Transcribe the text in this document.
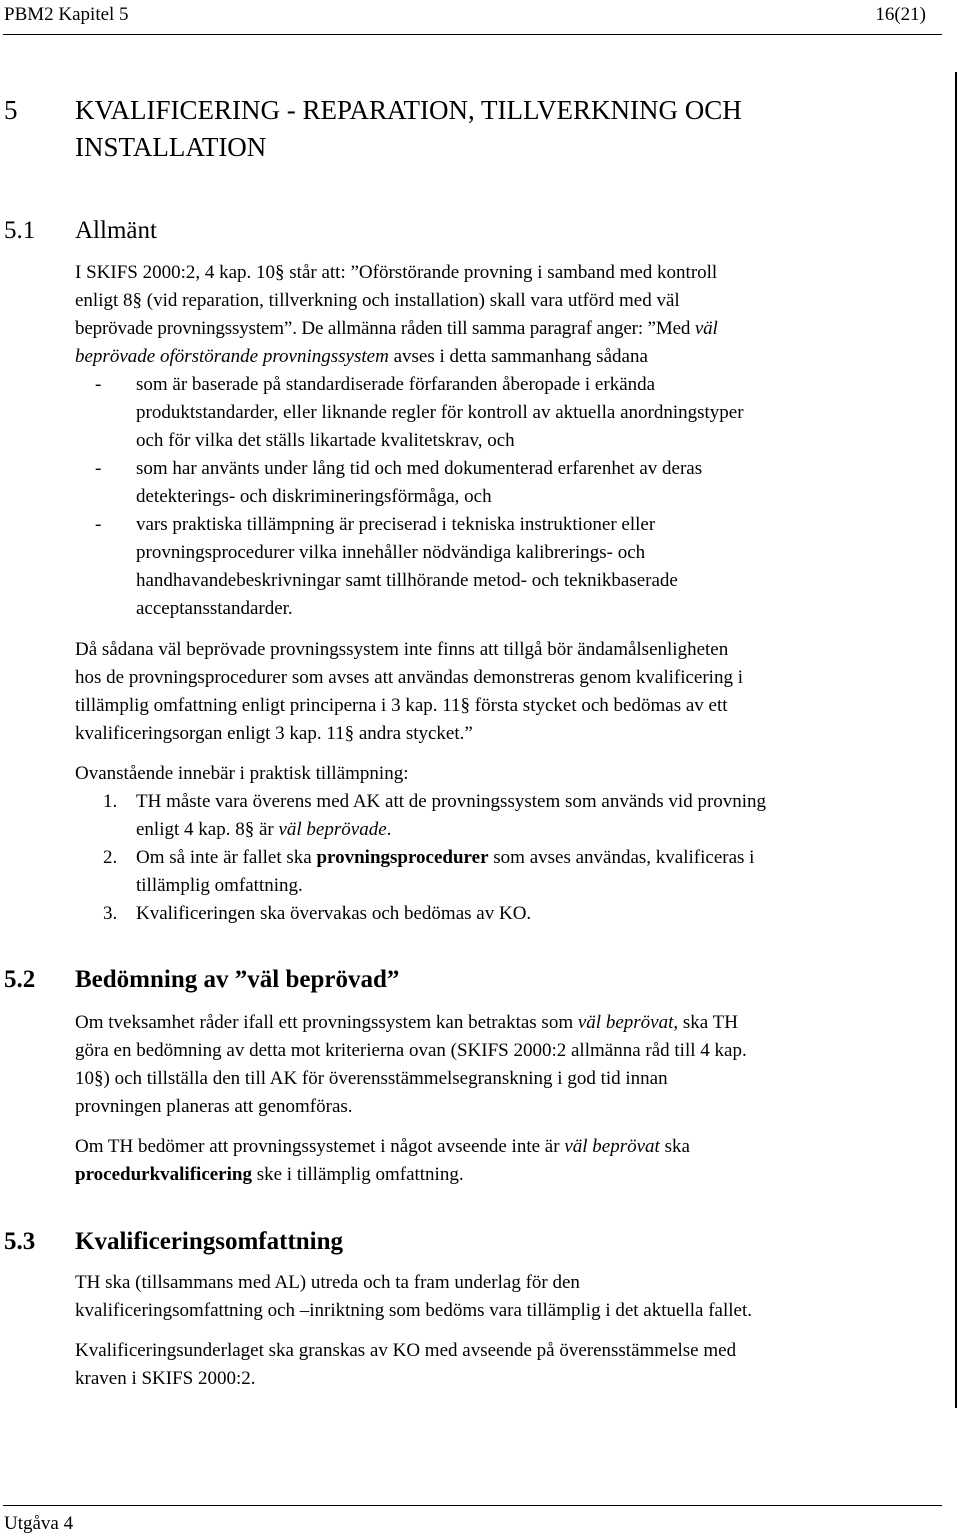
PBM2 Kapitel 5	16(21)
5 KVALIFICERING - REPARATION, TILLVERKNING OCH
INSTALLATION
5.1 Allmänt
I SKIFS 2000:2, 4 kap. 10§ står att: ”Oförstörande provning i samband med kontroll
enligt 8§ (vid reparation, tillverkning och installation) skall vara utförd med väl
beprövade provningssystem”. De allmänna råden till samma paragraf anger: ”Med väl
beprövade oförstörande provningssystem avses i detta sammanhang sådana
- som är baserade på standardiserade förfaranden åberopade i erkända
produktstandarder, eller liknande regler för kontroll av aktuella anordningstyper
och för vilka det ställs likartade kvalitetskrav, och
- som har använts under lång tid och med dokumenterad erfarenhet av deras
detekterings- och diskrimineringsförmåga, och
- vars praktiska tillämpning är preciserad i tekniska instruktioner eller
provningsprocedurer vilka innehåller nödvändiga kalibrerings- och
handhavandebeskrivningar samt tillhörande metod- och teknikbaserade
acceptansstandarder.
Då sådana väl beprövade provningssystem inte finns att tillgå bör ändamålsenligheten
hos de provningsprocedurer som avses att användas demonstreras genom kvalificering i
tillämplig omfattning enligt principerna i 3 kap. 11§ första stycket och bedömas av ett
kvalificeringsorgan enligt 3 kap. 11§ andra stycket.”
Ovanstående innebär i praktisk tillämpning:
1. TH måste vara överens med AK att de provningssystem som används vid provning
enligt 4 kap. 8§ är väl beprövade.
2. Om så inte är fallet ska provningsprocedurer som avses användas, kvalificeras i
tillämplig omfattning.
3. Kvalificeringen ska övervakas och bedömas av KO.
5.2 Bedömning av ”väl beprövad”
Om tveksamhet råder ifall ett provningssystem kan betraktas som väl beprövat, ska TH
göra en bedömning av detta mot kriterierna ovan (SKIFS 2000:2 allmänna råd till 4 kap.
10§) och tillställa den till AK för överensstämmelsegranskning i god tid innan
provningen planeras att genomföras.
Om TH bedömer att provningssystemet i något avseende inte är väl beprövat ska
procedurkvalificering ske i tillämplig omfattning.
5.3 Kvalificeringsomfattning
TH ska (tillsammans med AL) utreda och ta fram underlag för den
kvalificeringsomfattning och –inriktning som bedöms vara tillämplig i det aktuella fallet.
Kvalificeringsunderlaget ska granskas av KO med avseende på överensstämmelse med
kraven i SKIFS 2000:2.
Utgåva 4
